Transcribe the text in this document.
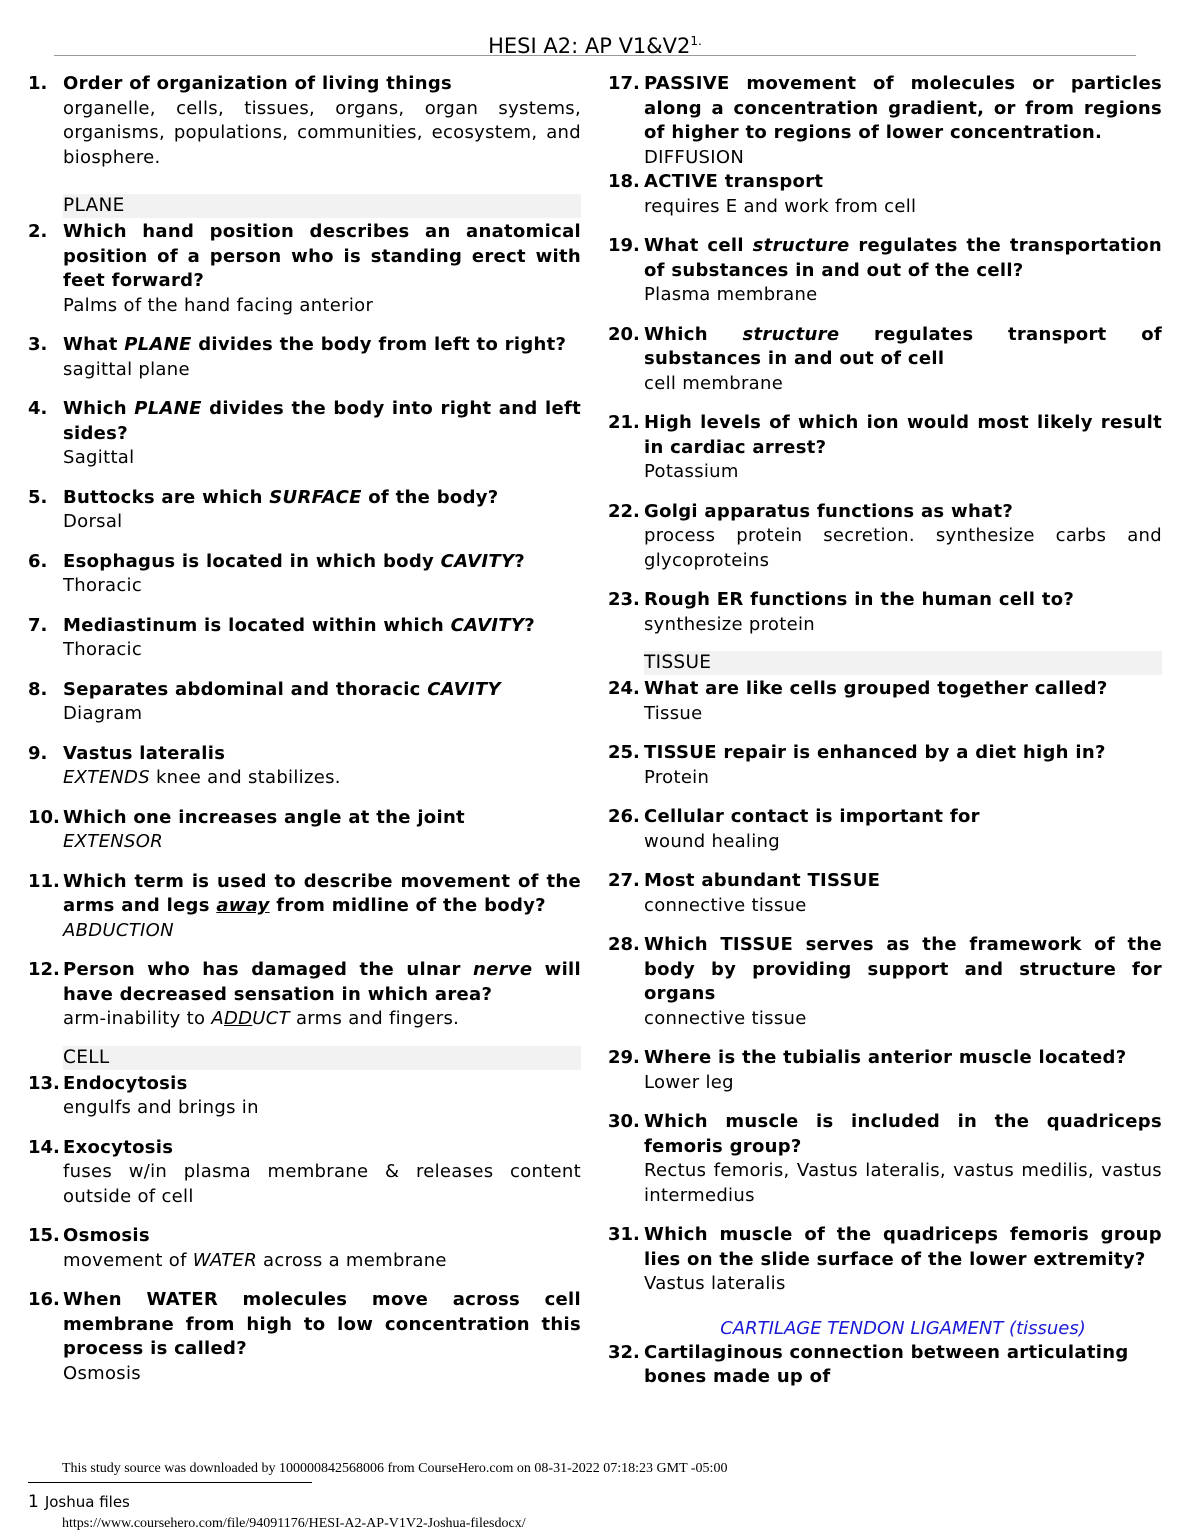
HESI A2: AP $V1\&V2^{1.}$
1. Order of organization of living things
organelle, cells, tissues, organs, organ systems, organisms, populations, communities, ecosystem, and biosphere.
PLANE
2. Which hand position describes an anatomical position of a person who is standing erect with feet forward?
Palms of the hand facing anterior
3. What PLANE divides the body from left to right?
sagittal plane
4. Which PLANE divides the body into right and left sides?
Sagittal
5. Buttocks are which SURFACE of the body?
Dorsal
6. Esophagus is located in which body CAVITY?
Thoracic
7. Mediastinum is located within which CAVITY?
Thoracic
8. Separates abdominal and thoracic CAVITY
Diagram
9. Vastus lateralis
EXTENDS knee and stabilizes.
10. Which one increases angle at the joint
EXTENSOR
11. Which term is used to describe movement of the arms and legs away from midline of the body?
ABDUCTION
12. Person who has damaged the ulnar nerve will have decreased sensation in which area?
arm-inability to ADDUCT arms and fingers.
CELL
13. Endocytosis
engulfs and brings in
14. Exocytosis
fuses w/in plasma membrane & releases content outside of cell
15. Osmosis
movement of WATER across a membrane
16. When WATER molecules move across cell membrane from high to low concentration this process is called?
Osmosis
17. PASSIVE movement of molecules or particles along a concentration gradient, or from regions of higher to regions of lower concentration.
DIFFUSION
18. ACTIVE transport
requires E and work from cell
19. What cell structure regulates the transportation of substances in and out of the cell?
Plasma membrane
20. Which structure regulates transport of substances in and out of cell
cell membrane
21. High levels of which ion would most likely result in cardiac arrest?
Potassium
22. Golgi apparatus functions as what?
process protein secretion. synthesize carbs and glycoproteins
23. Rough ER functions in the human cell to?
synthesize protein
TISSUE
24. What are like cells grouped together called?
Tissue
25. TISSUE repair is enhanced by a diet high in?
Protein
26. Cellular contact is important for
wound healing
27. Most abundant TISSUE
connective tissue
28. Which TISSUE serves as the framework of the body by providing support and structure for organs
connective tissue
29. Where is the tubialis anterior muscle located?
Lower leg
30. Which muscle is included in the quadriceps femoris group?
Rectus femoris, Vastus lateralis, vastus medilis, vastus intermedius
31. Which muscle of the quadriceps femoris group lies on the slide surface of the lower extremity?
Vastus lateralis
CARTILAGE TENDON LIGAMENT (tissues)
32. Cartilaginous connection between articulating bones made up of
This study source was downloaded by 100000842568006 from CourseHero.com on 08-31-2022 07:18:23 GMT -05:00
1 Joshua files
https://www.coursehero.com/file/94091176/HESI-A2-AP-V1V2-Joshua-filesdocx/
